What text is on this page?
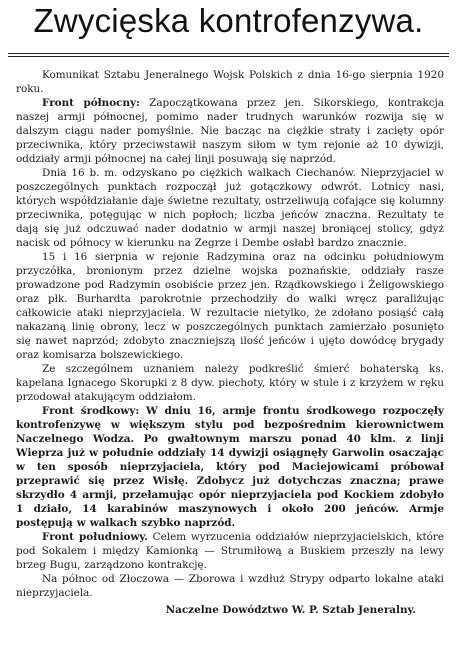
Zwycięska kontrofenzywa.

Komunikat Sztabu Jeneralnego Wojsk Polskich z dnia 16-go sierpnia 1920 roku.

Front północny: Zapoczątkowana przez jen. Sikorskiego, kontrakcja naszej armji północnej, pomimo nader trudnych warunków rozwija się w dalszym ciągu nader pomyślnie. Nie bacząc na ciężkie straty i zacięty opór przeciwnika, który przeciwstawił naszym siłom w tym rejonie aż 10 dywizji, oddziały armji północnej na całej linji posuwają się naprzód.

Dnia 16 b. m. odzyskano po ciężkich walkach Ciechanów. Nieprzyjaciel w poszczególnych punktach rozpoczął już gotączkowy odwrót. Lotnicy nasi, których współdziałanie daje świetne rezultaty, ostrzeliwują cofające się kolumny przeciwnika, potęgując w nich popłoch; liczba jeńców znaczna. Rezultaty te dają się już odczuwać nader dodatnio w armji naszej broniącej stolicy, gdyż nacisk od północy w kierunku na Zegrze i Dembe osłabł bardzo znacznie.

15 i 16 sierpnia w rejonie Radzymina oraz na odcinku południowym przyczółka, bronionym przez dzielne wojska poznańskie, oddziały rasze prowadzone pod Radzymin osobiście przez jen. Rządkowskiego i Żeligowskiego oraz płk. Burhardta parokrotnie przechodziły do walki wręcz paraliżując całkowicie ataki nieprzyjaciela. W rezultacie nietylko, że zdołano posiąść całą nakazaną linię obrony, lecz w poszczególnych punktach zamierzało posunięto się nawet naprzód; zdobyto znaczniejszą ilość jeńców i ujęto dowódcę brygady oraz komisarza bolszewickiego.

Ze szczególnem uznaniem należy podkreślić śmierć bohaterską ks. kapelana Ignacego Skorupki z 8 dyw. piechoty, który w stule i z krzyżem w ręku przodował atakującym oddziałom.

Front środkowy: W dniu 16, armje frontu środkowego rozpoczęły kontrofenzywę w większym stylu pod bezpośrednim kierownictwem Naczelnego Wodza. Po gwałtownym marszu ponad 40 klm. z linji Wieprza już w południe oddziały 14 dywizji osiągnęły Garwolin osaczając w ten sposób nieprzyjaciela, który pod Maciejowicami próbował przeprawić się przez Wisłę. Zdobycz już dotychczas znaczna; prawe skrzydło 4 armji, przełamując opór nieprzyjaciela pod Kockiem zdobyło 1 działo, 14 karabinów maszynowych i około 200 jeńców. Armje postępują w walkach szybko naprzód.

Front południowy. Celem wyrzucenia oddziałów nieprzyjacielskich, które pod Sokalem i między Kamionką — Strumiłową a Buskiem przeszły na lewy brzeg Bugu, zarządzono kontrakcję.

Na północ od Złoczowa — Zborowa i wzdłuż Strypy odparto lokalne ataki nieprzyjaciela.

Naczelne Dowództwo W. P. Sztab Jeneralny.
